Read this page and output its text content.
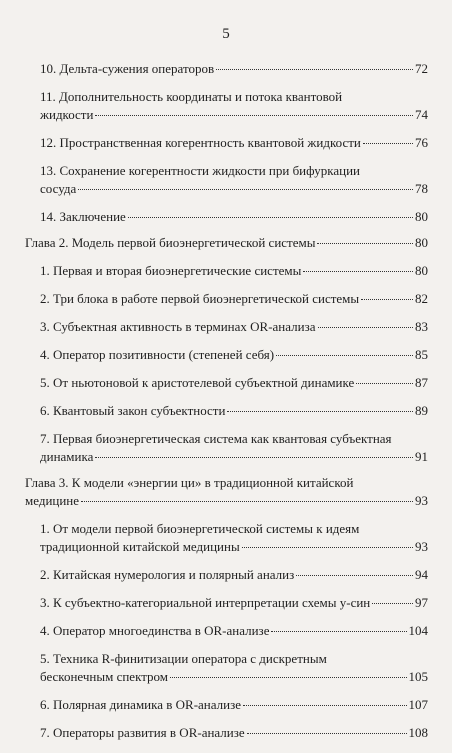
5
10. Дельта-сужения операторов	72
11. Дополнительность координаты и потока квантовой
жидкости	74
12. Пространственная когерентность квантовой жидкости	76
13. Сохранение когерентности жидкости при бифуркации
сосуда	78
14. Заключение	80
Глава 2. Модель первой биоэнергетической системы	80
1. Первая и вторая биоэнергетические системы	80
2. Три блока в работе первой биоэнергетической системы	82
3. Субъектная активность в терминах OR-анализа	83
4. Оператор позитивности (степеней себя)	85
5. От ньютоновой к аристотелевой субъектной динамике	87
6. Квантовый закон субъектности	89
7. Первая биоэнергетическая система как квантовая субъектная
динамика	91
Глава 3. К модели «энергии ци» в традиционной китайской
медицине	93
1. От модели первой биоэнергетической системы к идеям
традиционной китайской медицины	93
2. Китайская нумерология и полярный анализ	94
3. К субъектно-категориальной интерпретации схемы у-син	97
4. Оператор многоединства в OR-анализе	104
5. Техника R-финитизации оператора с дискретным
бесконечным спектром	105
6. Полярная динамика в OR-анализе	107
7. Операторы развития в OR-анализе	108
